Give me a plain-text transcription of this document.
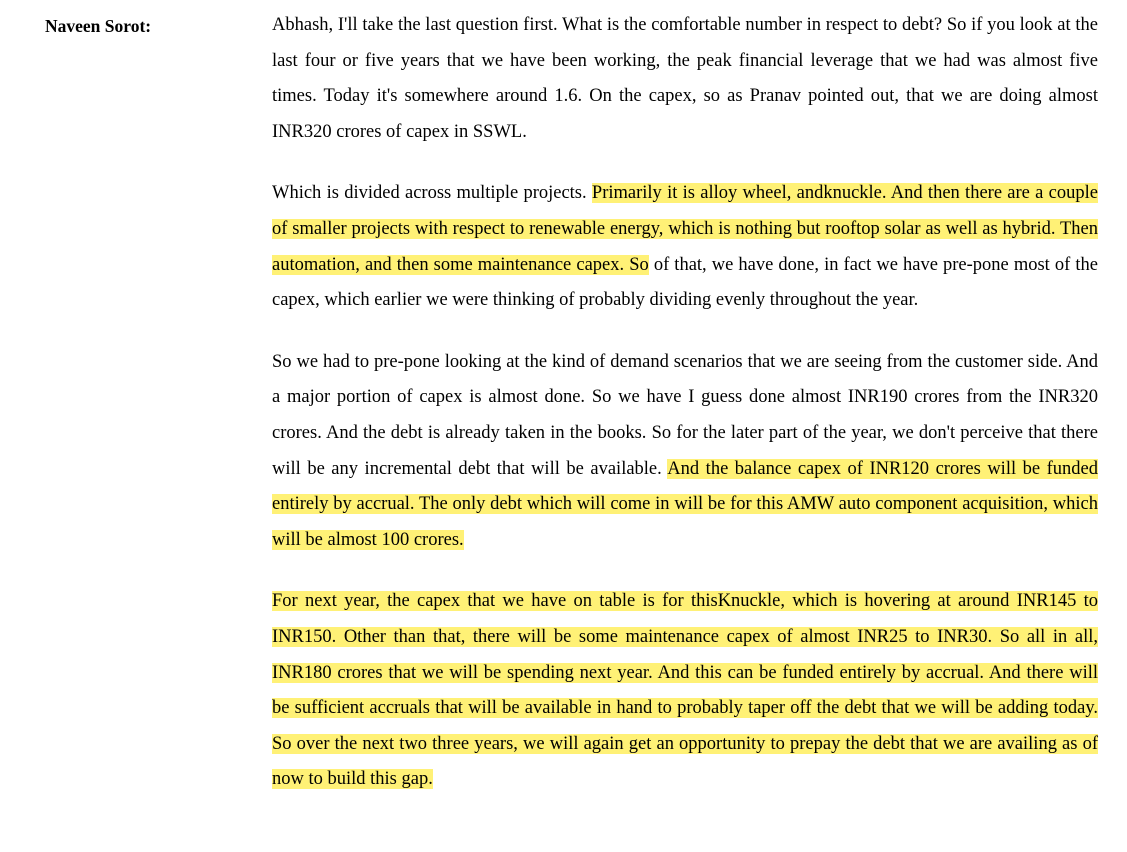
Naveen Sorot:	Abhash, I'll take the last question first. What is the comfortable number in respect to debt? So if you look at the last four or five years that we have been working, the peak financial leverage that we had was almost five times. Today it's somewhere around 1.6. On the capex, so as Pranav pointed out, that we are doing almost INR320 crores of capex in SSWL.

Which is divided across multiple projects. Primarily it is alloy wheel, andknuckle. And then there are a couple of smaller projects with respect to renewable energy, which is nothing but rooftop solar as well as hybrid. Then automation, and then some maintenance capex. So of that, we have done, in fact we have pre-pone most of the capex, which earlier we were thinking of probably dividing evenly throughout the year.

So we had to pre-pone looking at the kind of demand scenarios that we are seeing from the customer side. And a major portion of capex is almost done. So we have I guess done almost INR190 crores from the INR320 crores. And the debt is already taken in the books. So for the later part of the year, we don't perceive that there will be any incremental debt that will be available. And the balance capex of INR120 crores will be funded entirely by accrual. The only debt which will come in will be for this AMW auto component acquisition, which will be almost 100 crores.

For next year, the capex that we have on table is for thisKnuckle, which is hovering at around INR145 to INR150. Other than that, there will be some maintenance capex of almost INR25 to INR30. So all in all, INR180 crores that we will be spending next year. And this can be funded entirely by accrual. And there will be sufficient accruals that will be available in hand to probably taper off the debt that we will be adding today. So over the next two three years, we will again get an opportunity to prepay the debt that we are availing as of now to build this gap.
